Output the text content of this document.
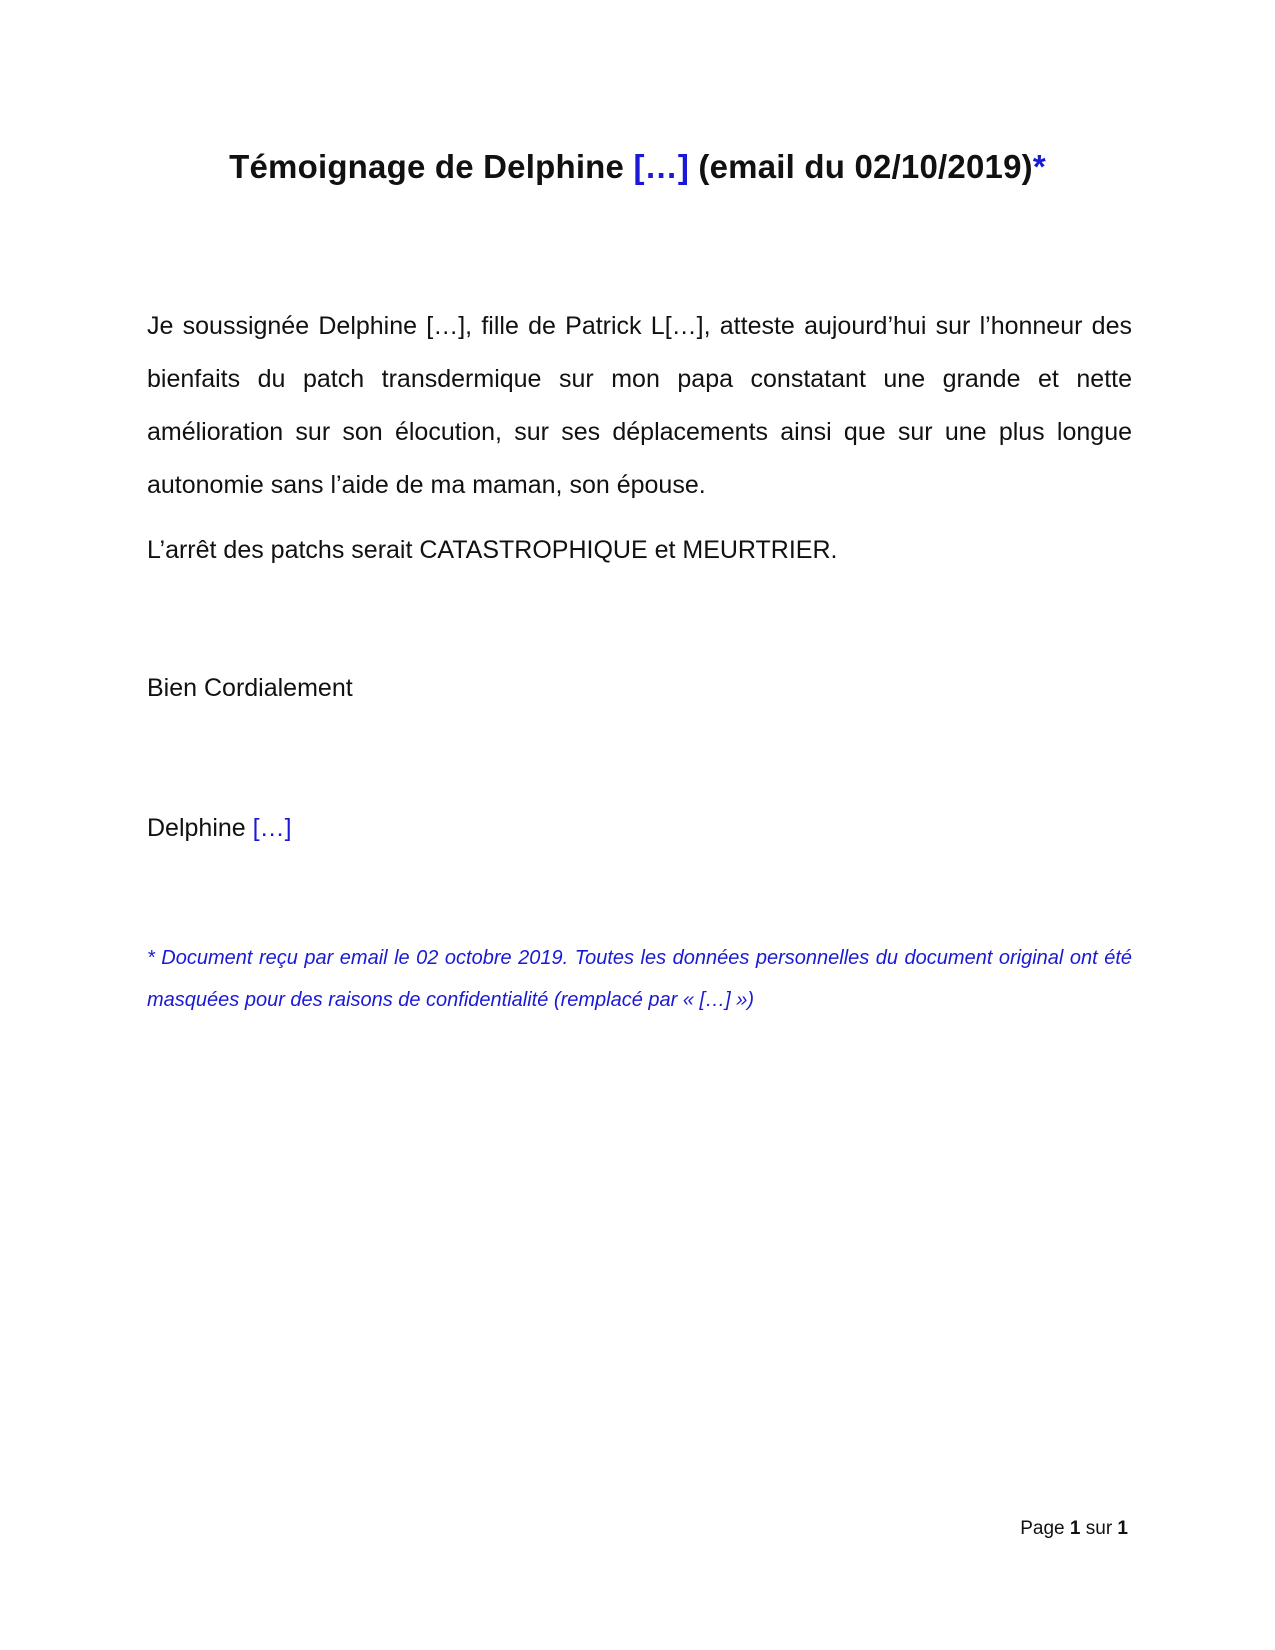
Témoignage de Delphine […] (email du 02/10/2019)*
Je soussignée Delphine […], fille de Patrick L[…], atteste aujourd’hui sur l’honneur des bienfaits du patch transdermique sur mon papa constatant une grande et nette amélioration sur son élocution, sur ses déplacements ainsi que sur une plus longue autonomie sans l’aide de ma maman, son épouse.
L’arrêt des patchs serait CATASTROPHIQUE et MEURTRIER.
Bien Cordialement
Delphine […]
* Document reçu par email le 02 octobre 2019. Toutes les données personnelles du document original ont été masquées pour des raisons de confidentialité (remplacé par « […] »)
Page 1 sur 1
